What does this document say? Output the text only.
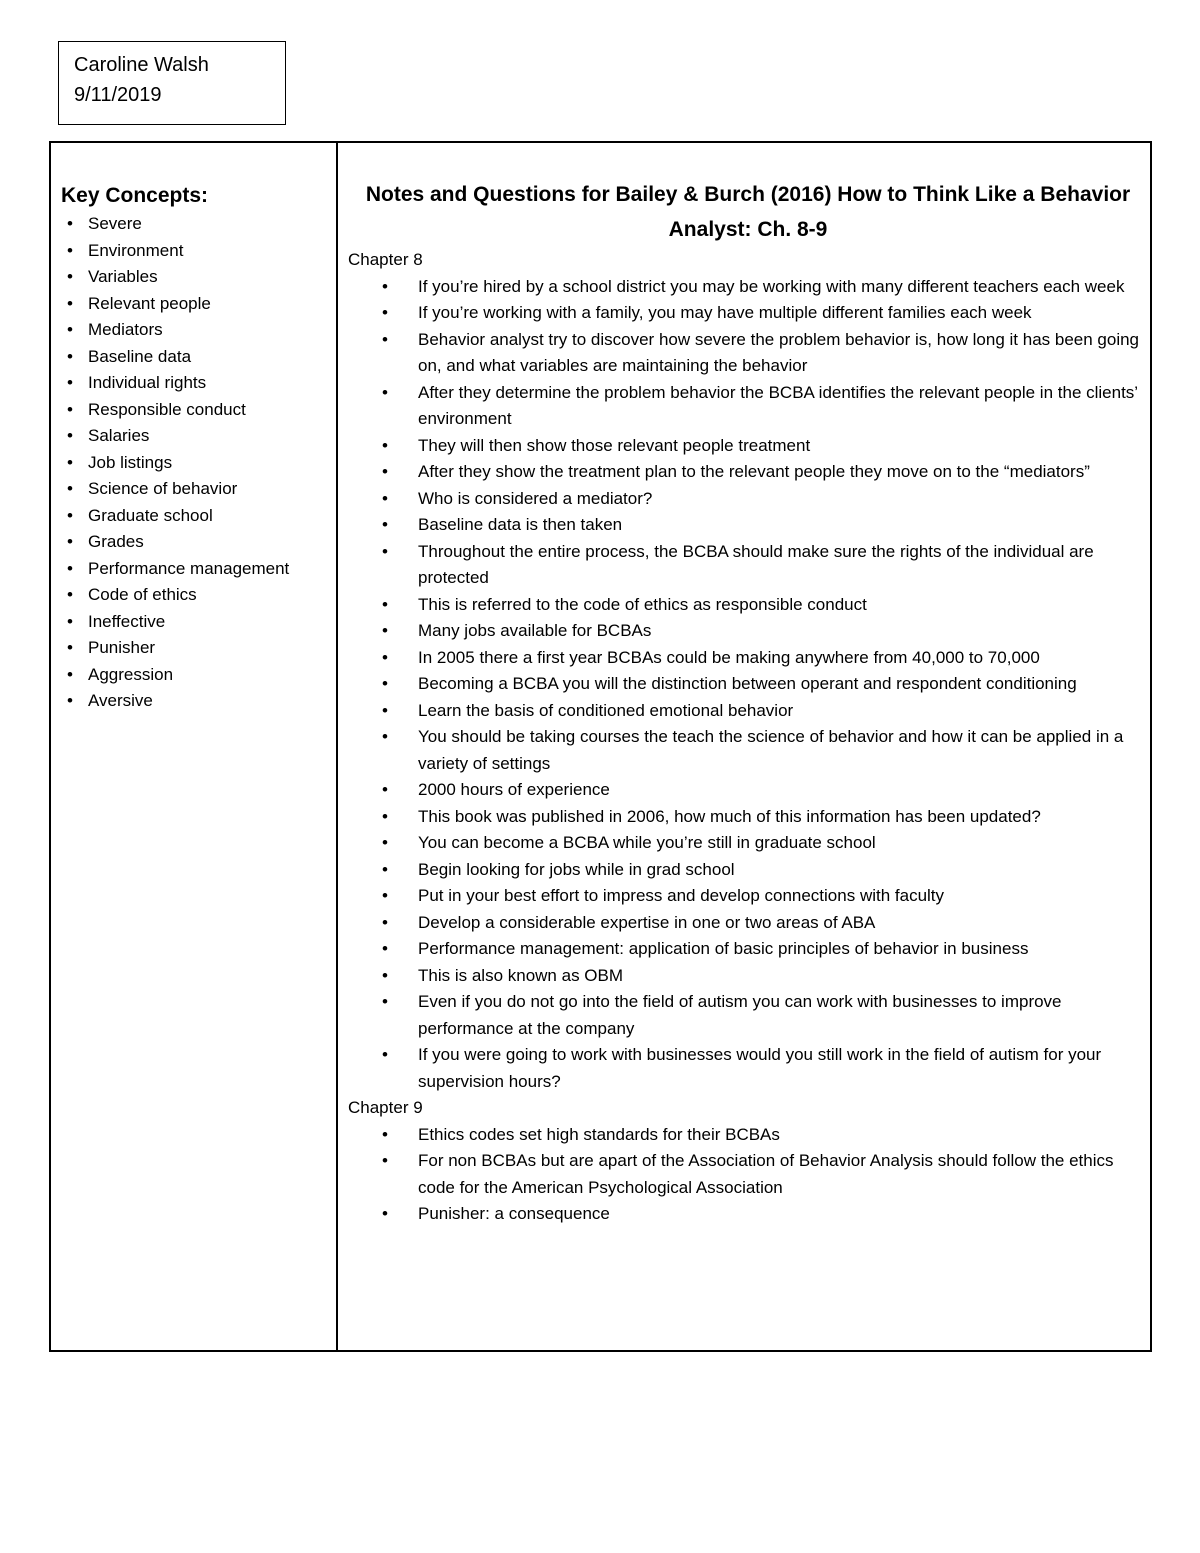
Caroline Walsh
9/11/2019
Key Concepts:
• Severe
• Environment
• Variables
• Relevant people
• Mediators
• Baseline data
• Individual rights
• Responsible conduct
• Salaries
• Job listings
• Science of behavior
• Graduate school
• Grades
• Performance management
• Code of ethics
• Ineffective
• Punisher
• Aggression
• Aversive
Notes and Questions for Bailey & Burch (2016) How to Think Like a Behavior Analyst: Ch. 8-9
Chapter 8
• If you’re hired by a school district you may be working with many different teachers each week
• If you’re working with a family, you may have multiple different families each week
• Behavior analyst try to discover how severe the problem behavior is, how long it has been going on, and what variables are maintaining the behavior
• After they determine the problem behavior the BCBA identifies the relevant people in the clients’ environment
• They will then show those relevant people treatment
• After they show the treatment plan to the relevant people they move on to the “mediators”
• Who is considered a mediator?
• Baseline data is then taken
• Throughout the entire process, the BCBA should make sure the rights of the individual are protected
• This is referred to the code of ethics as responsible conduct
• Many jobs available for BCBAs
• In 2005 there a first year BCBAs could be making anywhere from 40,000 to 70,000
• Becoming a BCBA you will the distinction between operant and respondent conditioning
• Learn the basis of conditioned emotional behavior
• You should be taking courses the teach the science of behavior and how it can be applied in a variety of settings
• 2000 hours of experience
• This book was published in 2006, how much of this information has been updated?
• You can become a BCBA while you’re still in graduate school
• Begin looking for jobs while in grad school
• Put in your best effort to impress and develop connections with faculty
• Develop a considerable expertise in one or two areas of ABA
• Performance management: application of basic principles of behavior in business
• This is also known as OBM
• Even if you do not go into the field of autism you can work with businesses to improve performance at the company
• If you were going to work with businesses would you still work in the field of autism for your supervision hours?
Chapter 9
• Ethics codes set high standards for their BCBAs
• For non BCBAs but are apart of the Association of Behavior Analysis should follow the ethics code for the American Psychological Association
• Punisher: a consequence
